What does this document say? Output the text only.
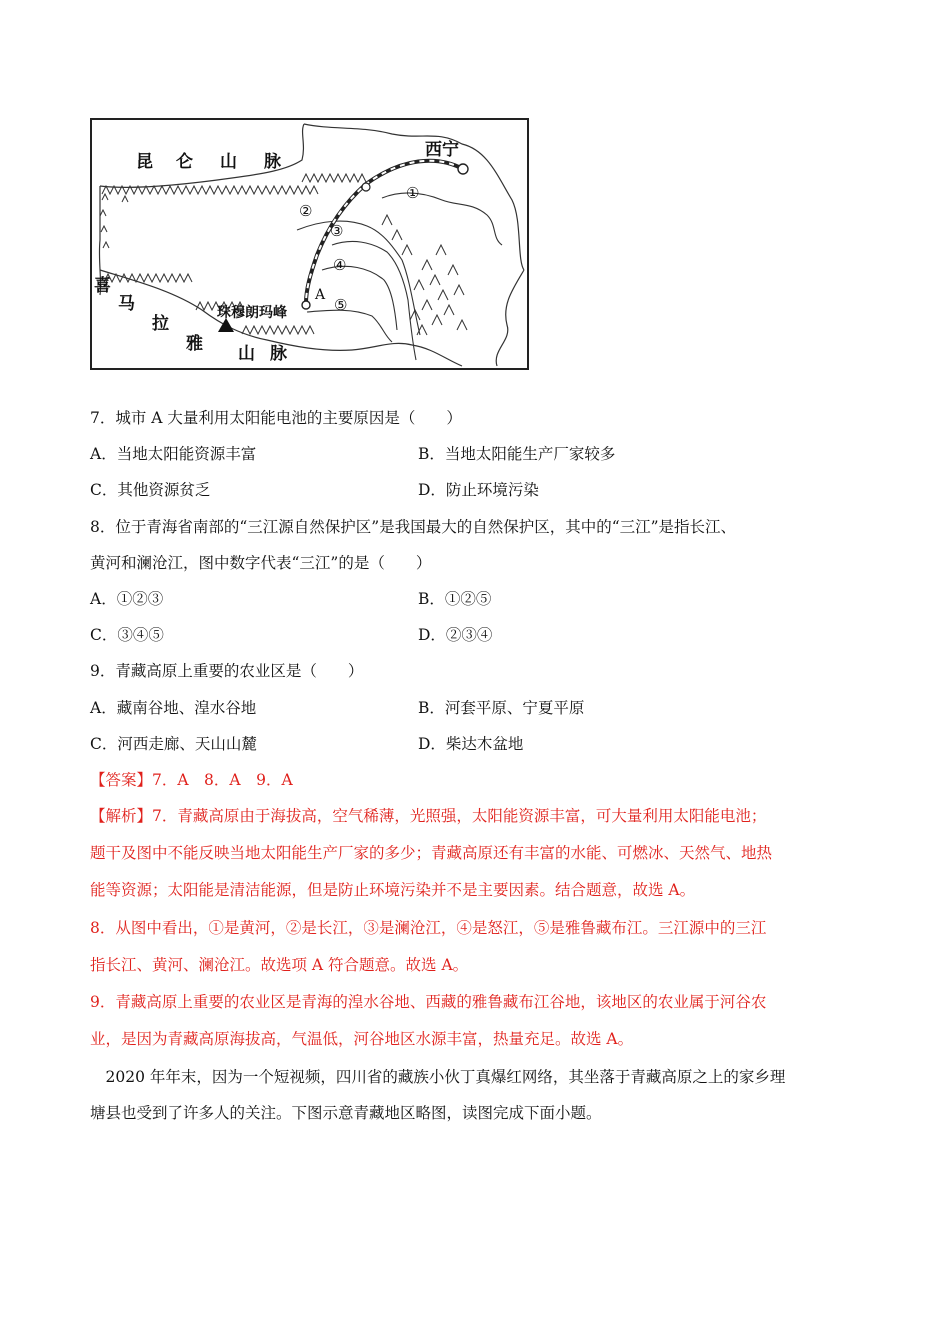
昆 仑 山 脉
西宁
①
②
③
④
⑤
A
喜
马
拉
雅 山 脉
珠穆朗玛峰
7．城市 A 大量利用太阳能电池的主要原因是（　　）
A．当地太阳能资源丰富	B．当地太阳能生产厂家较多
C．其他资源贫乏	D．防止环境污染
8．位于青海省南部的“三江源自然保护区”是我国最大的自然保护区，其中的“三江”是指长江、
黄河和澜沧江，图中数字代表“三江”的是（　　）
A．①②③	B．①②⑤
C．③④⑤	D．②③④
9．青藏高原上重要的农业区是（　　）
A．藏南谷地、湟水谷地	B．河套平原、宁夏平原
C．河西走廊、天山山麓	D．柴达木盆地
【答案】7．A　8．A　9．A
【解析】7．青藏高原由于海拔高，空气稀薄，光照强，太阳能资源丰富，可大量利用太阳能电池；
题干及图中不能反映当地太阳能生产厂家的多少；青藏高原还有丰富的水能、可燃冰、天然气、地热
能等资源；太阳能是清洁能源，但是防止环境污染并不是主要因素。结合题意，故选 A。
8．从图中看出，①是黄河，②是长江，③是澜沧江，④是怒江，⑤是雅鲁藏布江。三江源中的三江
指长江、黄河、澜沧江。故选项 A 符合题意。故选 A。
9．青藏高原上重要的农业区是青海的湟水谷地、西藏的雅鲁藏布江谷地，该地区的农业属于河谷农
业，是因为青藏高原海拔高，气温低，河谷地区水源丰富，热量充足。故选 A。
　2020 年年末，因为一个短视频，四川省的藏族小伙丁真爆红网络，其坐落于青藏高原之上的家乡理
塘县也受到了许多人的关注。下图示意青藏地区略图，读图完成下面小题。
